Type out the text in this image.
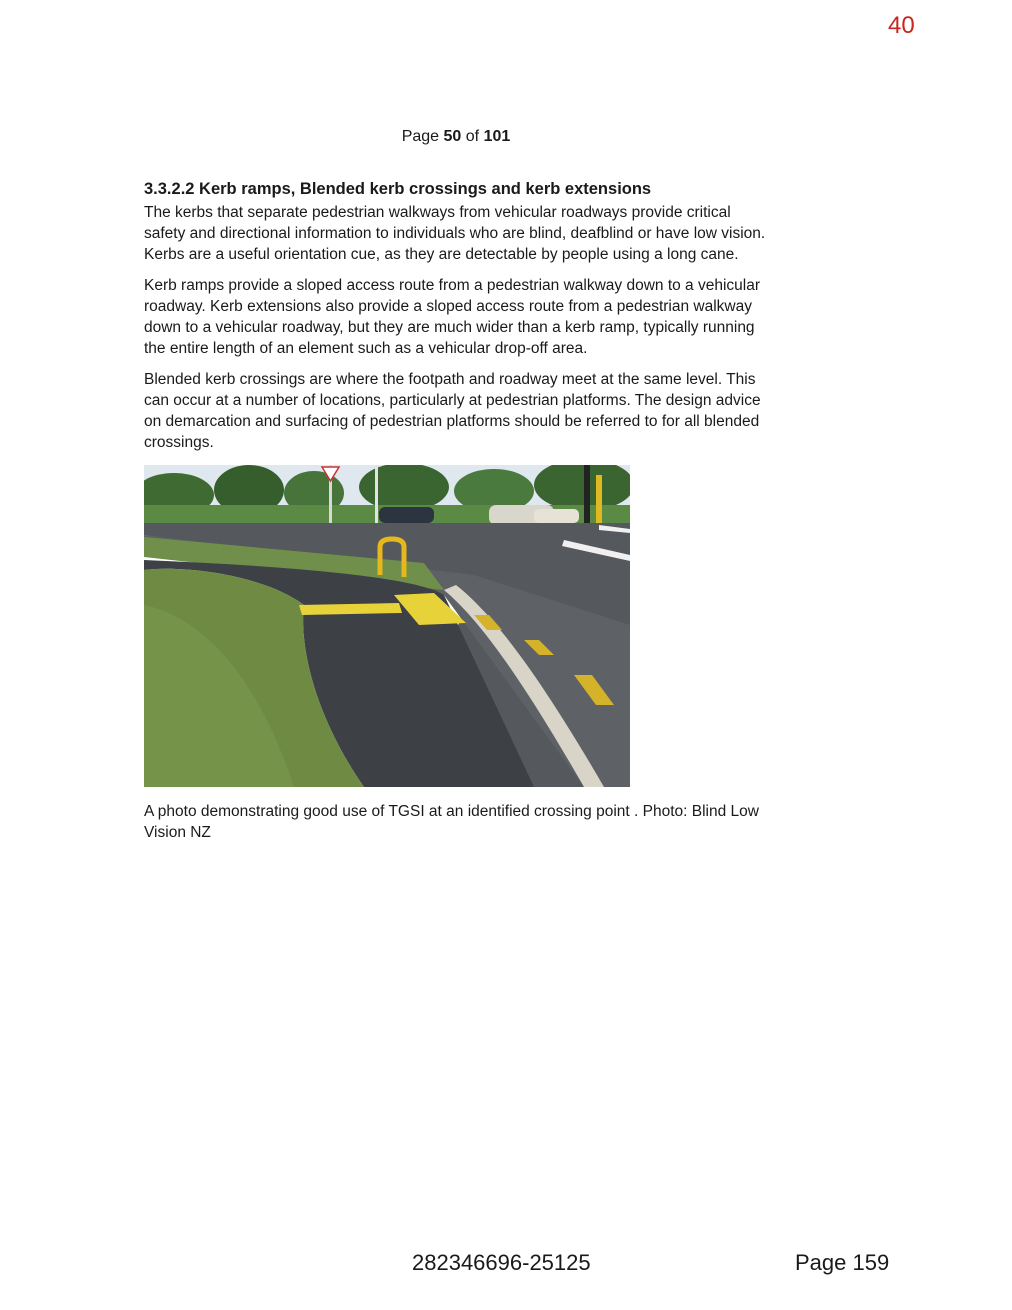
40
Page 50 of 101
3.3.2.2 Kerb ramps, Blended kerb crossings and kerb extensions

The kerbs that separate pedestrian walkways from vehicular roadways provide critical safety and directional information to individuals who are blind, deafblind or have low vision. Kerbs are a useful orientation cue, as they are detectable by people using a long cane.

Kerb ramps provide a sloped access route from a pedestrian walkway down to a vehicular roadway. Kerb extensions also provide a sloped access route from a pedestrian walkway down to a vehicular roadway, but they are much wider than a kerb ramp, typically running the entire length of an element such as a vehicular drop-off area.

Blended kerb crossings are where the footpath and roadway meet at the same level. This can occur at a number of locations, particularly at pedestrian platforms. The design advice on demarcation and surfacing of pedestrian platforms should be referred to for all blended crossings.

A photo demonstrating good use of TGSI at an identified crossing point . Photo: Blind Low Vision NZ
282346696-25125	Page 159
